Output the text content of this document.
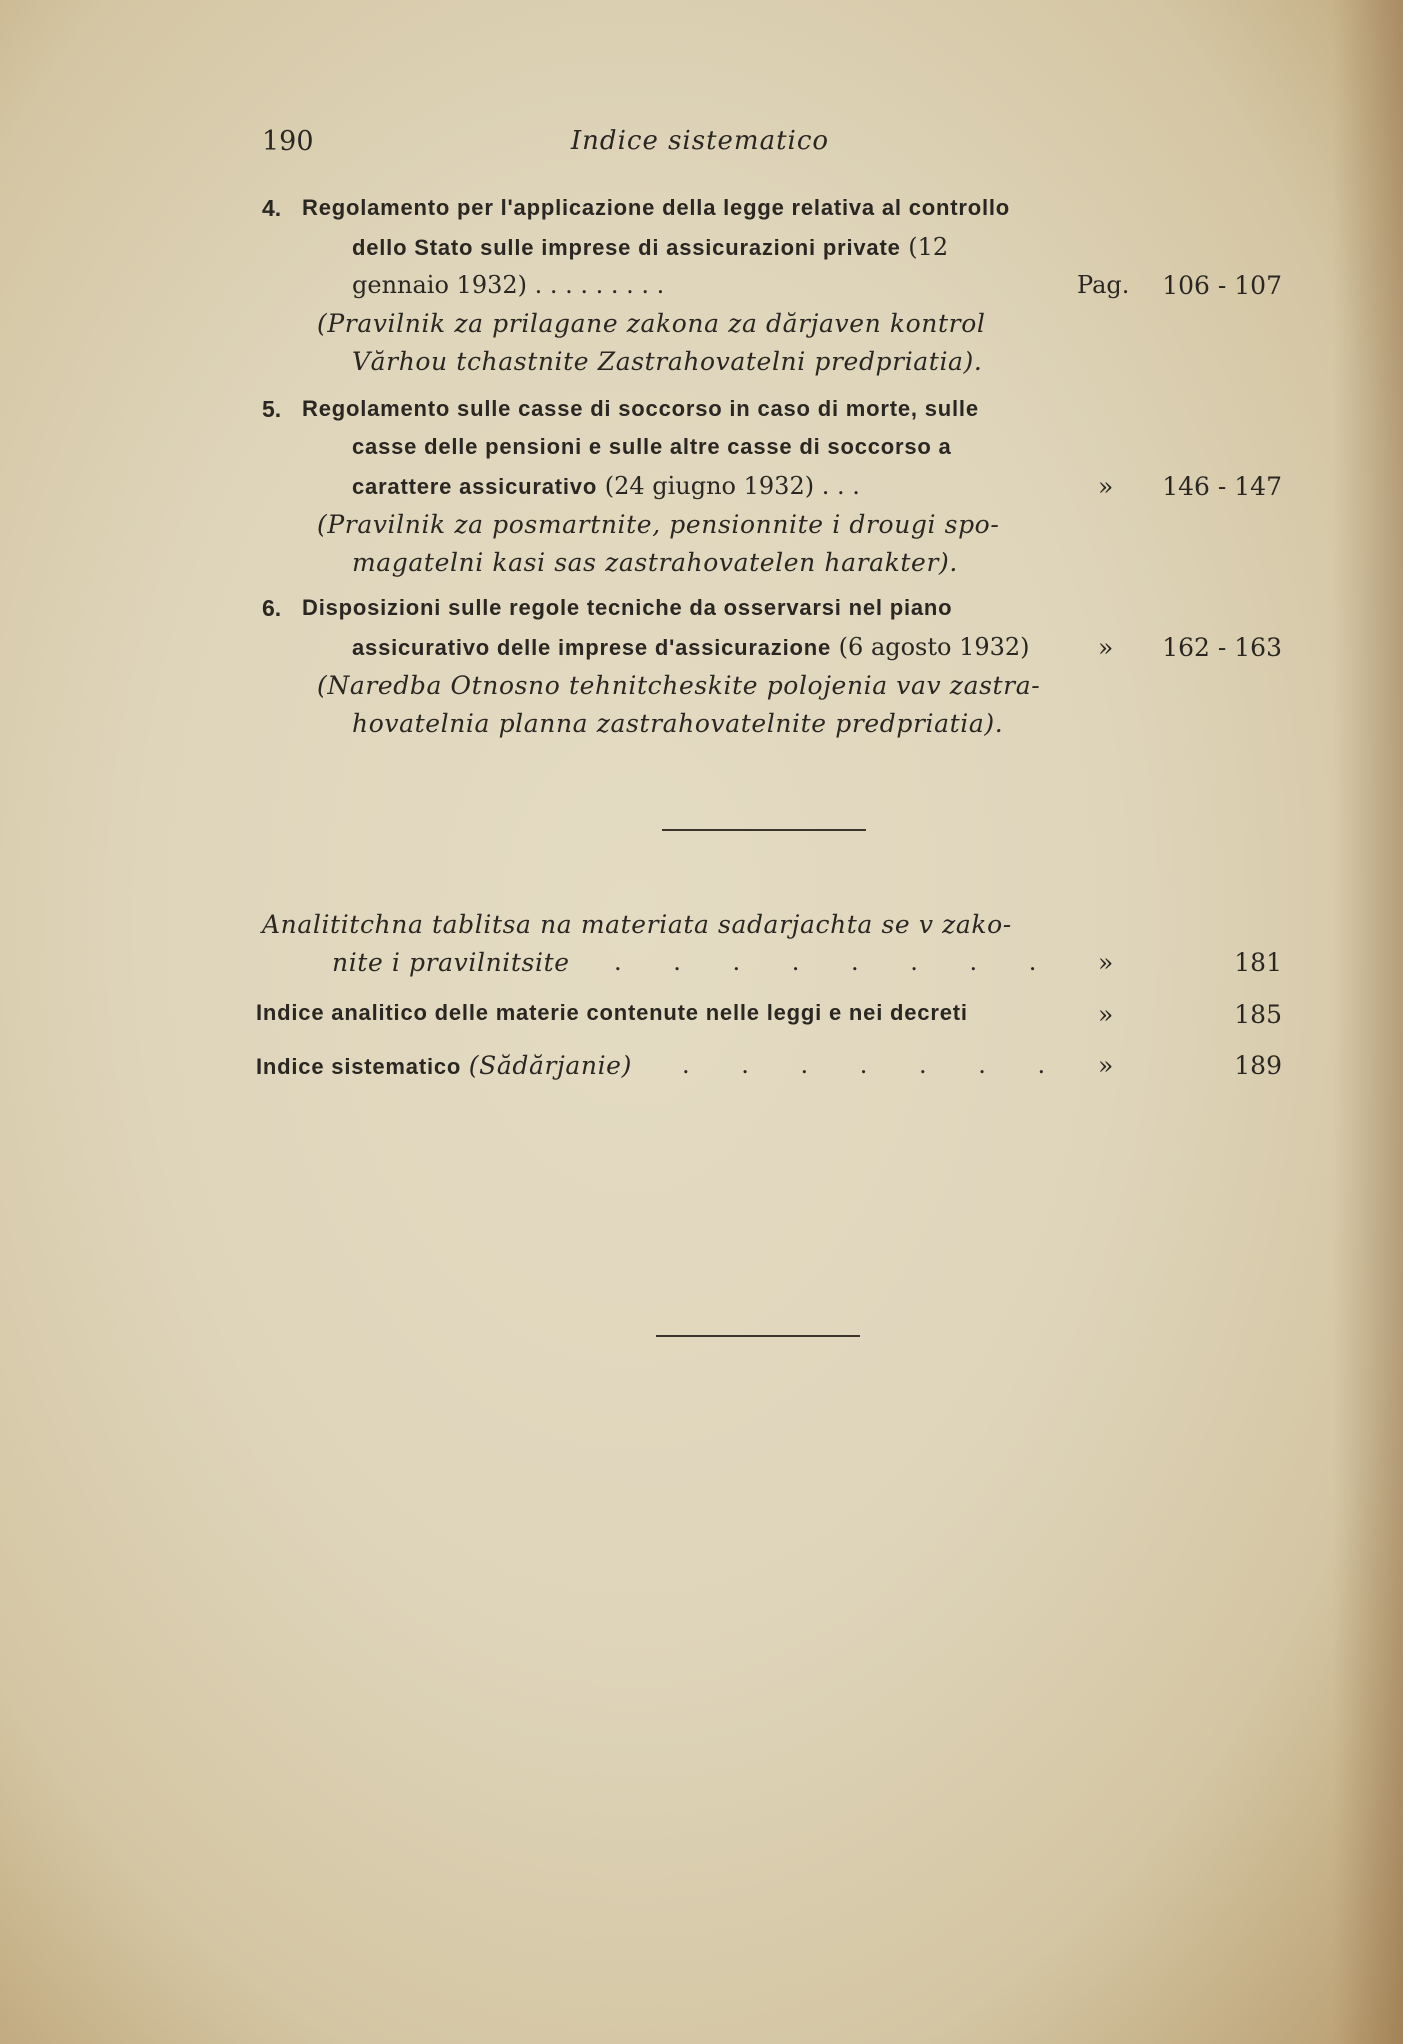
190	Indice sistematico
4. Regolamento per l'applicazione della legge relativa al controllo
dello Stato sulle imprese di assicurazioni private (12
gennaio 1932) . . . . . . . . .	Pag. 106 - 107
(Pravilnik za prilagane zakona za dărjaven kontrol
Vărhou tchastnite Zastrahovatelni predpriatia).
5. Regolamento sulle casse di soccorso in caso di morte, sulle
casse delle pensioni e sulle altre casse di soccorso a
carattere assicurativo (24 giugno 1932) . . .	» 146 - 147
(Pravilnik za posmartnite, pensionnite i drougi spo-
magatelni kasi sas zastrahovatelen harakter).
6. Disposizioni sulle regole tecniche da osservarsi nel piano
assicurativo delle imprese d'assicurazione (6 agosto 1932)	» 162 - 163
(Naredba Otnosno tehnitcheskite polojenia vav zastra-
hovatelnia planna zastrahovatelnite predpriatia).
Analititchna tablitsa na materiata sadarjachta se v zako-
nite i pravilnitsite . . . . . . . . »	181
Indice analitico delle materie contenute nelle leggi e nei decreti	»	185
Indice sistematico (Sădărjanie) . . . . . . . »	189
